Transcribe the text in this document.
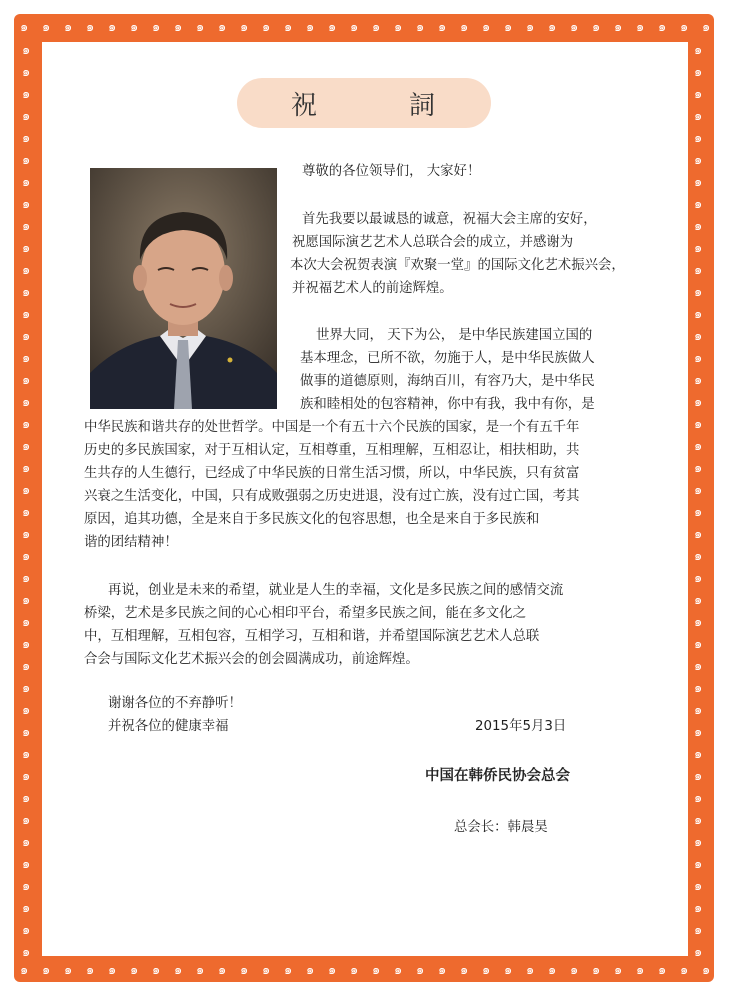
๑
๑
๑
๑
๑
๑
๑
๑
๑
๑
๑
๑
๑
๑
๑
๑
๑
๑
๑
๑
๑
๑
๑
๑
๑
๑
๑
๑
๑
๑
๑
๑
๑
๑
๑
๑
๑
๑
๑
๑
๑
๑
๑
๑
๑
๑
๑
๑
๑
๑
๑
๑
๑
๑
๑
๑
๑
๑
๑
๑
๑
๑
๑
๑
๑	๑
๑	๑
๑	๑
๑	๑
๑	๑
๑	๑
๑	๑
๑	๑
๑	๑
๑	๑
๑	๑
๑	๑
๑	๑
๑	๑
๑	๑
๑	๑
๑	๑
๑	๑
๑	๑
๑	๑
๑	๑
๑	๑
๑	๑
๑	๑
๑	๑
๑	๑
๑	๑
๑	๑
๑	๑
๑	๑
๑	๑
๑	๑
๑	๑
๑	๑
๑	๑
๑	๑
๑	๑
๑	๑
๑	๑
๑	๑
๑	๑
๑	๑
祝	詞
尊敬的各位领导们， 大家好！
首先我要以最诚恳的诚意，祝福大会主席的安好，
祝愿国际演艺艺术人总联合会的成立，并感谢为
本次大会祝贺表演『欢聚一堂』的国际文化艺术振兴会，
并祝福艺术人的前途辉煌。
世界大同， 天下为公， 是中华民族建国立国的
基本理念，已所不欲，勿施于人，是中华民族做人
做事的道德原则，海纳百川，有容乃大，是中华民
族和睦相处的包容精神，你中有我，我中有你，是
中华民族和谐共存的处世哲学。中国是一个有五十六个民族的国家，是一个有五千年
历史的多民族国家，对于互相认定，互相尊重，互相理解，互相忍让，相扶相助，共
生共存的人生德行，已经成了中华民族的日常生活习惯，所以，中华民族，只有贫富
兴衰之生活变化，中国，只有成败强弱之历史进退，没有过亡族，没有过亡国，考其
原因，追其功德，全是来自于多民族文化的包容思想，也全是来自于多民族和
谐的团结精神！
再说，创业是未来的希望，就业是人生的幸福，文化是多民族之间的感情交流
桥梁，艺术是多民族之间的心心相印平台，希望多民族之间，能在多文化之
中，互相理解，互相包容，互相学习，互相和谐，并希望国际演艺艺术人总联
合会与国际文化艺术振兴会的创会圆满成功，前途辉煌。
谢谢各位的不弃静听！
并祝各位的健康幸福	2015年5月3日
中国在韩侨民协会总会
总会长：韩晨昊
